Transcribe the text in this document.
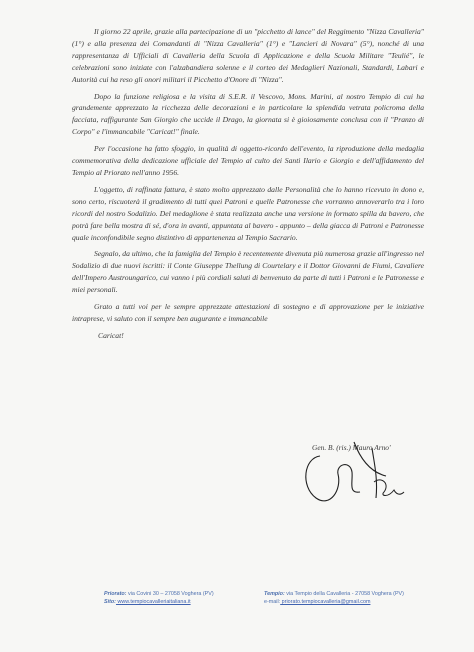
Il giorno 22 aprile, grazie alla partecipazione di un "picchetto di lance" del Reggimento "Nizza Cavalleria" (1°) e alla presenza dei Comandanti di "Nizza Cavalleria" (1°) e "Lancieri di Novara" (5°), nonché di una rappresentanza di Ufficiali di Cavalleria della Scuola di Applicazione e della Scuola Militare "Teulié", le celebrazioni sono iniziate con l'alzabandiera solenne e il corteo dei Medaglieri Nazionali, Standardi, Labari e Autorità cui ha reso gli onori militari il Picchetto d'Onore di "Nizza".

Dopo la funzione religiosa e la visita di S.E.R. il Vescovo, Mons. Marini, al nostro Tempio di cui ha grandemente apprezzato la ricchezza delle decorazioni e in particolare la splendida vetrata policroma della facciata, raffigurante San Giorgio che uccide il Drago, la giornata si è gioiosamente conclusa con il "Pranzo di Corpo" e l'immancabile "Caricat!" finale.

Per l'occasione ha fatto sfoggio, in qualità di oggetto-ricordo dell'evento, la riproduzione della medaglia commemorativa della dedicazione ufficiale del Tempio al culto dei Santi Ilario e Giorgio e dell'affidamento del Tempio al Priorato nell'anno 1956.

L'oggetto, di raffinata fattura, è stato molto apprezzato dalle Personalità che lo hanno ricevuto in dono e, sono certo, riscuoterà il gradimento di tutti quei Patroni e quelle Patronesse che vorranno annoverarlo tra i loro ricordi del nostro Sodalizio. Del medaglione è stata realizzata anche una versione in formato spilla da bavero, che potrà fare bella mostra di sé, d'ora in avanti, appuntata al bavero - appunto – della giacca di Patroni e Patronesse quale inconfondibile segno distintivo di appartenenza al Tempio Sacrario.

Segnalo, da ultimo, che la famiglia del Tempio è recentemente divenuta più numerosa grazie all'ingresso nel Sodalizio di due nuovi iscritti: il Conte Giuseppe Thellung di Courtelary e il Dottor Giovanni de Fiumi, Cavaliere dell'Impero Austroungarico, cui vanno i più cordiali saluti di benvenuto da parte di tutti i Patroni e le Patronesse e miei personali.

Grato a tutti voi per le sempre apprezzate attestazioni di sostegno e di approvazione per le iniziative intraprese, vi saluto con il sempre ben augurante e immancabile

Caricat!

Gen. B. (ris.) Mauro Arno'
Priorato: via Covini 30 – 27058 Voghera (PV)
Sito: www.tempiocavalleriaitaliana.it
Tempio: via Tempio della Cavalleria - 27058 Voghera (PV)
e-mail: priorato.tempiocavalleria@gmail.com
